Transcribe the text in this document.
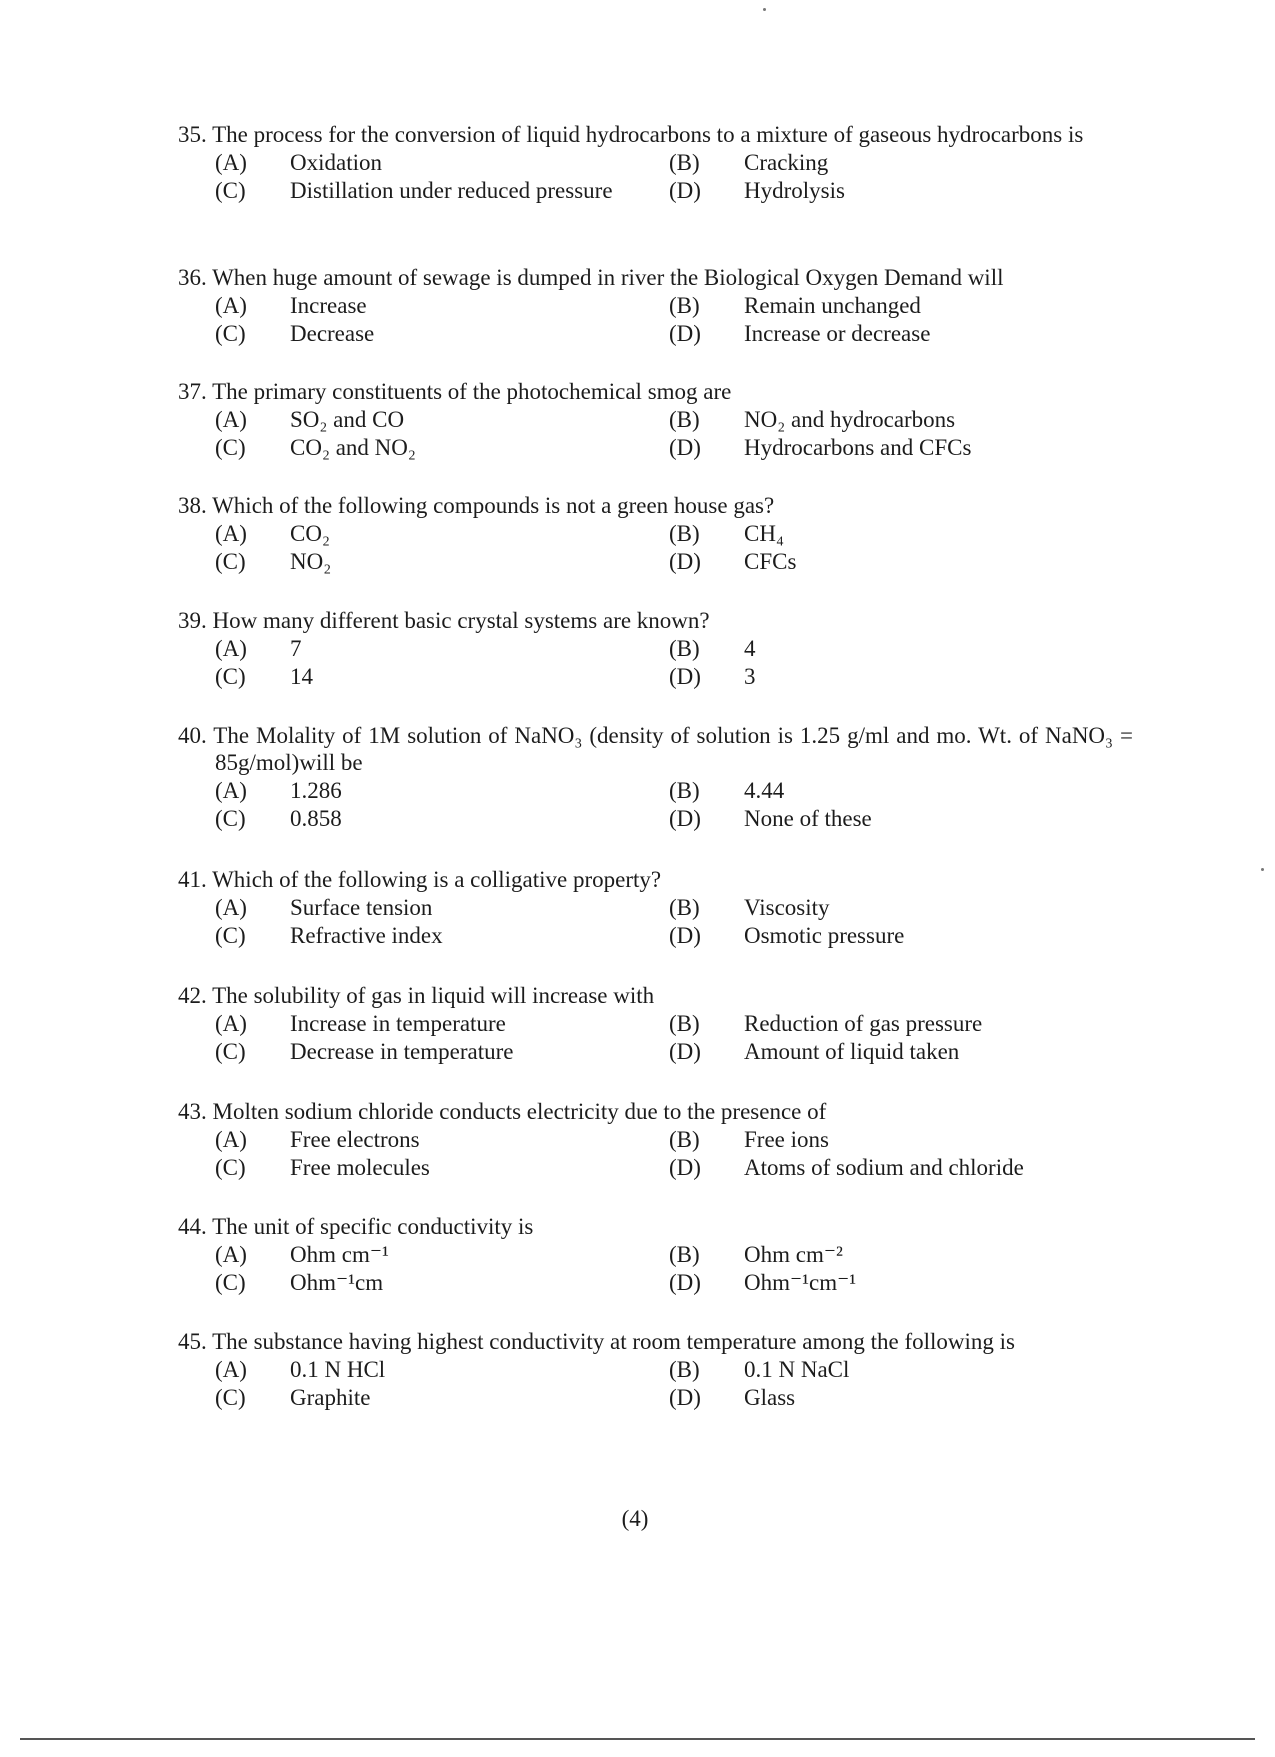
35. The process for the conversion of liquid hydrocarbons to a mixture of gaseous hydrocarbons is

(A)	Oxidation	(B)	Cracking
(C)	Distillation under reduced pressure (D)	Hydrolysis

36. When huge amount of sewage is dumped in river the Biological Oxygen Demand will

(A)	Increase	(B)	Remain unchanged
(C)	Decrease	(D)	Increase or decrease

37. The primary constituents of the photochemical smog are

(A)	SO₂ and CO	(B)	NO₂ and hydrocarbons
(C)	CO₂ and NO₂	(D)	Hydrocarbons and CFCs

38. Which of the following compounds is not a green house gas?

(A)	CO₂	(B)	CH₄
(C)	NO₂	(D)	CFCs

39. How many different basic crystal systems are known?

(A)	7	(B)	4
(C)	14	(D)	3

40. The Molality of 1M solution of NaNO₃ (density of solution is 1.25 g/ml and mo. Wt. of NaNO₃ = 85g/mol)will be

(A)	1.286	(B)	4.44
(C)	0.858	(D)	None of these

41. Which of the following is a colligative property?

(A)	Surface tension	(B)	Viscosity
(C)	Refractive index	(D)	Osmotic pressure

42. The solubility of gas in liquid will increase with

(A)	Increase in temperature	(B)	Reduction of gas pressure
(C)	Decrease in temperature	(D)	Amount of liquid taken

43. Molten sodium chloride conducts electricity due to the presence of

(A)	Free electrons	(B)	Free ions
(C)	Free molecules	(D)	Atoms of sodium and chloride

44. The unit of specific conductivity is

(A)	Ohm cm⁻¹	(B)	Ohm cm⁻²
(C)	Ohm⁻¹cm	(D)	Ohm⁻¹cm⁻¹

45. The substance having highest conductivity at room temperature among the following is

(A)	0.1 N HCl	(B)	0.1 N NaCl
(C)	Graphite	(D)	Glass
(4)
